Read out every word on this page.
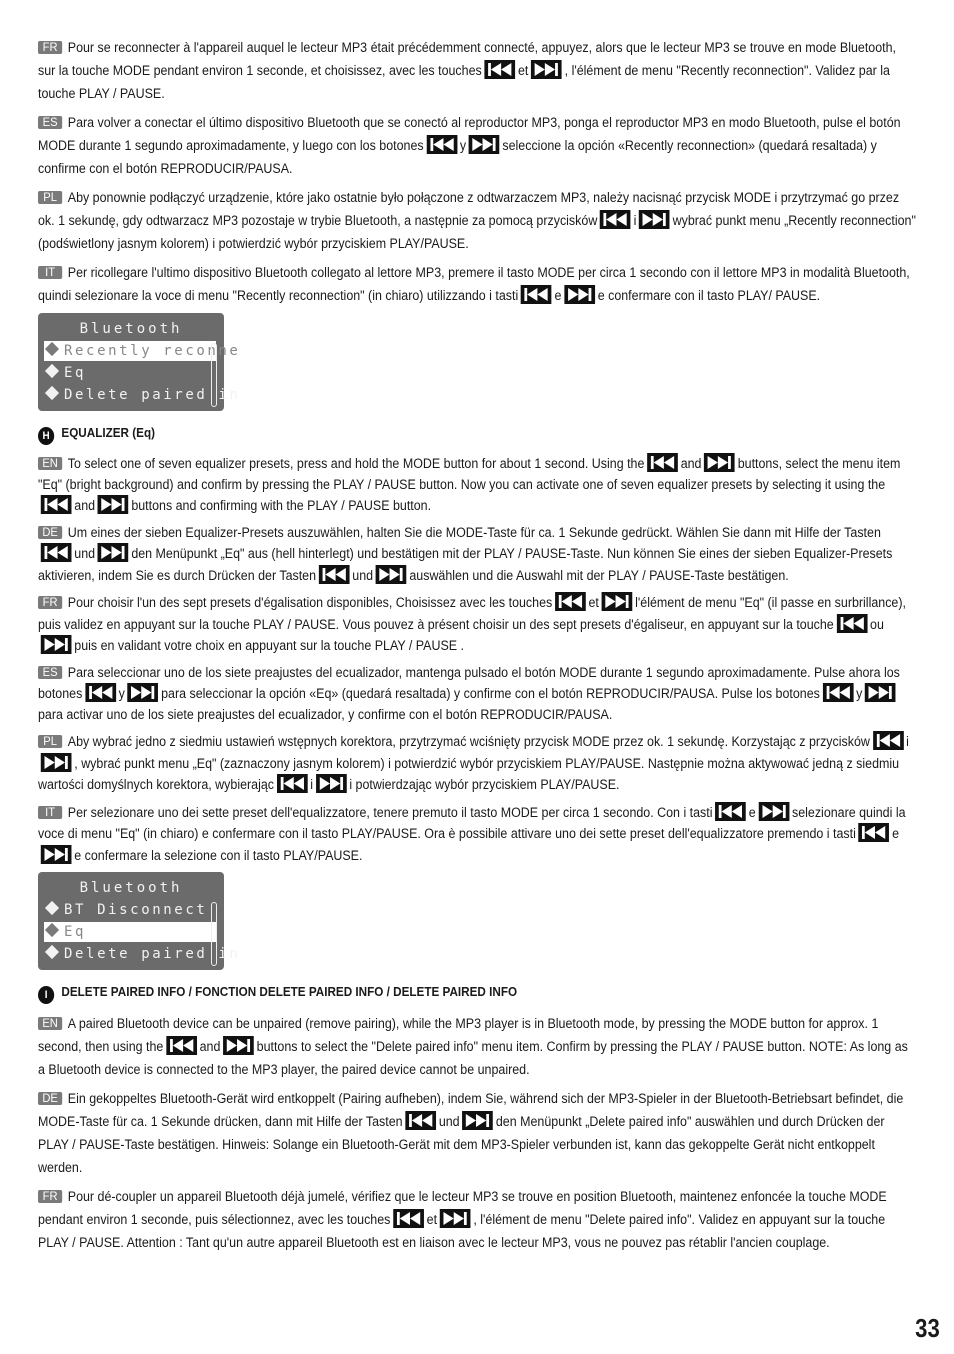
FR Pour se reconnecter à l'appareil auquel le lecteur MP3 était précédemment connecté, appuyez, alors que le lecteur MP3 se trouve en mode Bluetooth, sur la touche MODE pendant environ 1 seconde, et choisissez, avec les touches	et	, l'élément de menu "Recently reconnection". Validez par la touche PLAY / PAUSE.

ES Para volver a conectar el último dispositivo Bluetooth que se conectó al reproductor MP3, ponga el reproductor MP3 en modo Bluetooth, pulse el botón MODE durante 1 segundo aproximadamente, y luego con los botones	y	seleccione la opción «Recently reconnection» (quedará resaltada) y confirme con el botón REPRODUCIR/PAUSA.

PL Aby ponownie podłączyć urządzenie, które jako ostatnie było połączone z odtwarzaczem MP3, należy nacisnąć przycisk MODE i przytrzymać go przez ok. 1 sekundę, gdy odtwarzacz MP3 pozostaje w trybie Bluetooth, a następnie za pomocą przycisków	i	wybrać punkt menu „Recently reconnection" (podświetlony jasnym kolorem) i potwierdzić wybór przyciskiem PLAY/PAUSE.

IT Per ricollegare l'ultimo dispositivo Bluetooth collegato al lettore MP3, premere il tasto MODE per circa 1 secondo con il lettore MP3 in modalità Bluetooth, quindi selezionare la voce di menu "Recently reconnection" (in chiaro) utilizzando i tasti	e	e confermare con il tasto PLAY/ PAUSE.

Bluetooth
Recently reconne
Eq
Delete paired in
H EQUALIZER (Eq)

EN To select one of seven equalizer presets, press and hold the MODE button for about 1 second. Using the	and	buttons, select the menu item "Eq" (bright background) and confirm by pressing the PLAY / PAUSE button. Now you can activate one of seven equalizer presets by selecting it using the
and	buttons and confirming with the PLAY / PAUSE button.

DE Um eines der sieben Equalizer-Presets auszuwählen, halten Sie die MODE-Taste für ca. 1 Sekunde gedrückt. Wählen Sie dann mit Hilfe der Tasten
und	den Menüpunkt „Eq" aus (hell hinterlegt) und bestätigen mit der PLAY / PAUSE-Taste. Nun können Sie eines der sieben Equalizer-Presets aktivieren, indem Sie es durch Drücken der Tasten	und	auswählen und die Auswahl mit der PLAY / PAUSE-Taste bestätigen.

FR Pour choisir l'un des sept presets d'égalisation disponibles, Choisissez avec les touches	et	l'élément de menu "Eq" (il passe en surbrillance), puis validez en appuyant sur la touche PLAY / PAUSE. Vous pouvez à présent choisir un des sept presets d'égaliseur, en appuyant sur la touche	ou
puis en validant votre choix en appuyant sur la touche PLAY / PAUSE .

ES Para seleccionar uno de los siete preajustes del ecualizador, mantenga pulsado el botón MODE durante 1 segundo aproximadamente. Pulse ahora los botones	y	para seleccionar la opción «Eq» (quedará resaltada) y confirme con el botón REPRODUCIR/PAUSA. Pulse los botones	y
para activar uno de los siete preajustes del ecualizador, y confirme con el botón REPRODUCIR/PAUSA.

PL Aby wybrać jedno z siedmiu ustawień wstępnych korektora, przytrzymać wciśnięty przycisk MODE przez ok. 1 sekundę. Korzystając z przycisków	i
, wybrać punkt menu „Eq" (zaznaczony jasnym kolorem) i potwierdzić wybór przyciskiem PLAY/PAUSE. Następnie można aktywować jedną z siedmiu wartości domyślnych korektora, wybierając	i	i potwierdzając wybór przyciskiem PLAY/PAUSE.

IT Per selezionare uno dei sette preset dell'equalizzatore, tenere premuto il tasto MODE per circa 1 secondo. Con i tasti	e	selezionare quindi la voce di menu "Eq" (in chiaro) e confermare con il tasto PLAY/PAUSE. Ora è possibile attivare uno dei sette preset dell'equalizzatore premendo i tasti	e
e confermare la selezione con il tasto PLAY/PAUSE.

Bluetooth
BT Disconnect
Eq
Delete paired in
I DELETE PAIRED INFO / FONCTION DELETE PAIRED INFO / DELETE PAIRED INFO

EN A paired Bluetooth device can be unpaired (remove pairing), while the MP3 player is in Bluetooth mode, by pressing the MODE button for approx. 1 second, then using the	and	buttons to select the "Delete paired info" menu item. Confirm by pressing the PLAY / PAUSE button. NOTE: As long as a Bluetooth device is connected to the MP3 player, the paired device cannot be unpaired.

DE Ein gekoppeltes Bluetooth-Gerät wird entkoppelt (Pairing aufheben), indem Sie, während sich der MP3-Spieler in der Bluetooth-Betriebsart befindet, die MODE-Taste für ca. 1 Sekunde drücken, dann mit Hilfe der Tasten	und	den Menüpunkt „Delete paired info" auswählen und durch Drücken der PLAY / PAUSE-Taste bestätigen. Hinweis: Solange ein Bluetooth-Gerät mit dem MP3-Spieler verbunden ist, kann das gekoppelte Gerät nicht entkoppelt werden.

FR Pour dé-coupler un appareil Bluetooth déjà jumelé, vérifiez que le lecteur MP3 se trouve en position Bluetooth, maintenez enfoncée la touche MODE pendant environ 1 seconde, puis sélectionnez, avec les touches	et	, l'élément de menu "Delete paired info". Validez en appuyant sur la touche PLAY / PAUSE. Attention : Tant qu'un autre appareil Bluetooth est en liaison avec le lecteur MP3, vous ne pouvez pas rétablir l'ancien couplage.

33
